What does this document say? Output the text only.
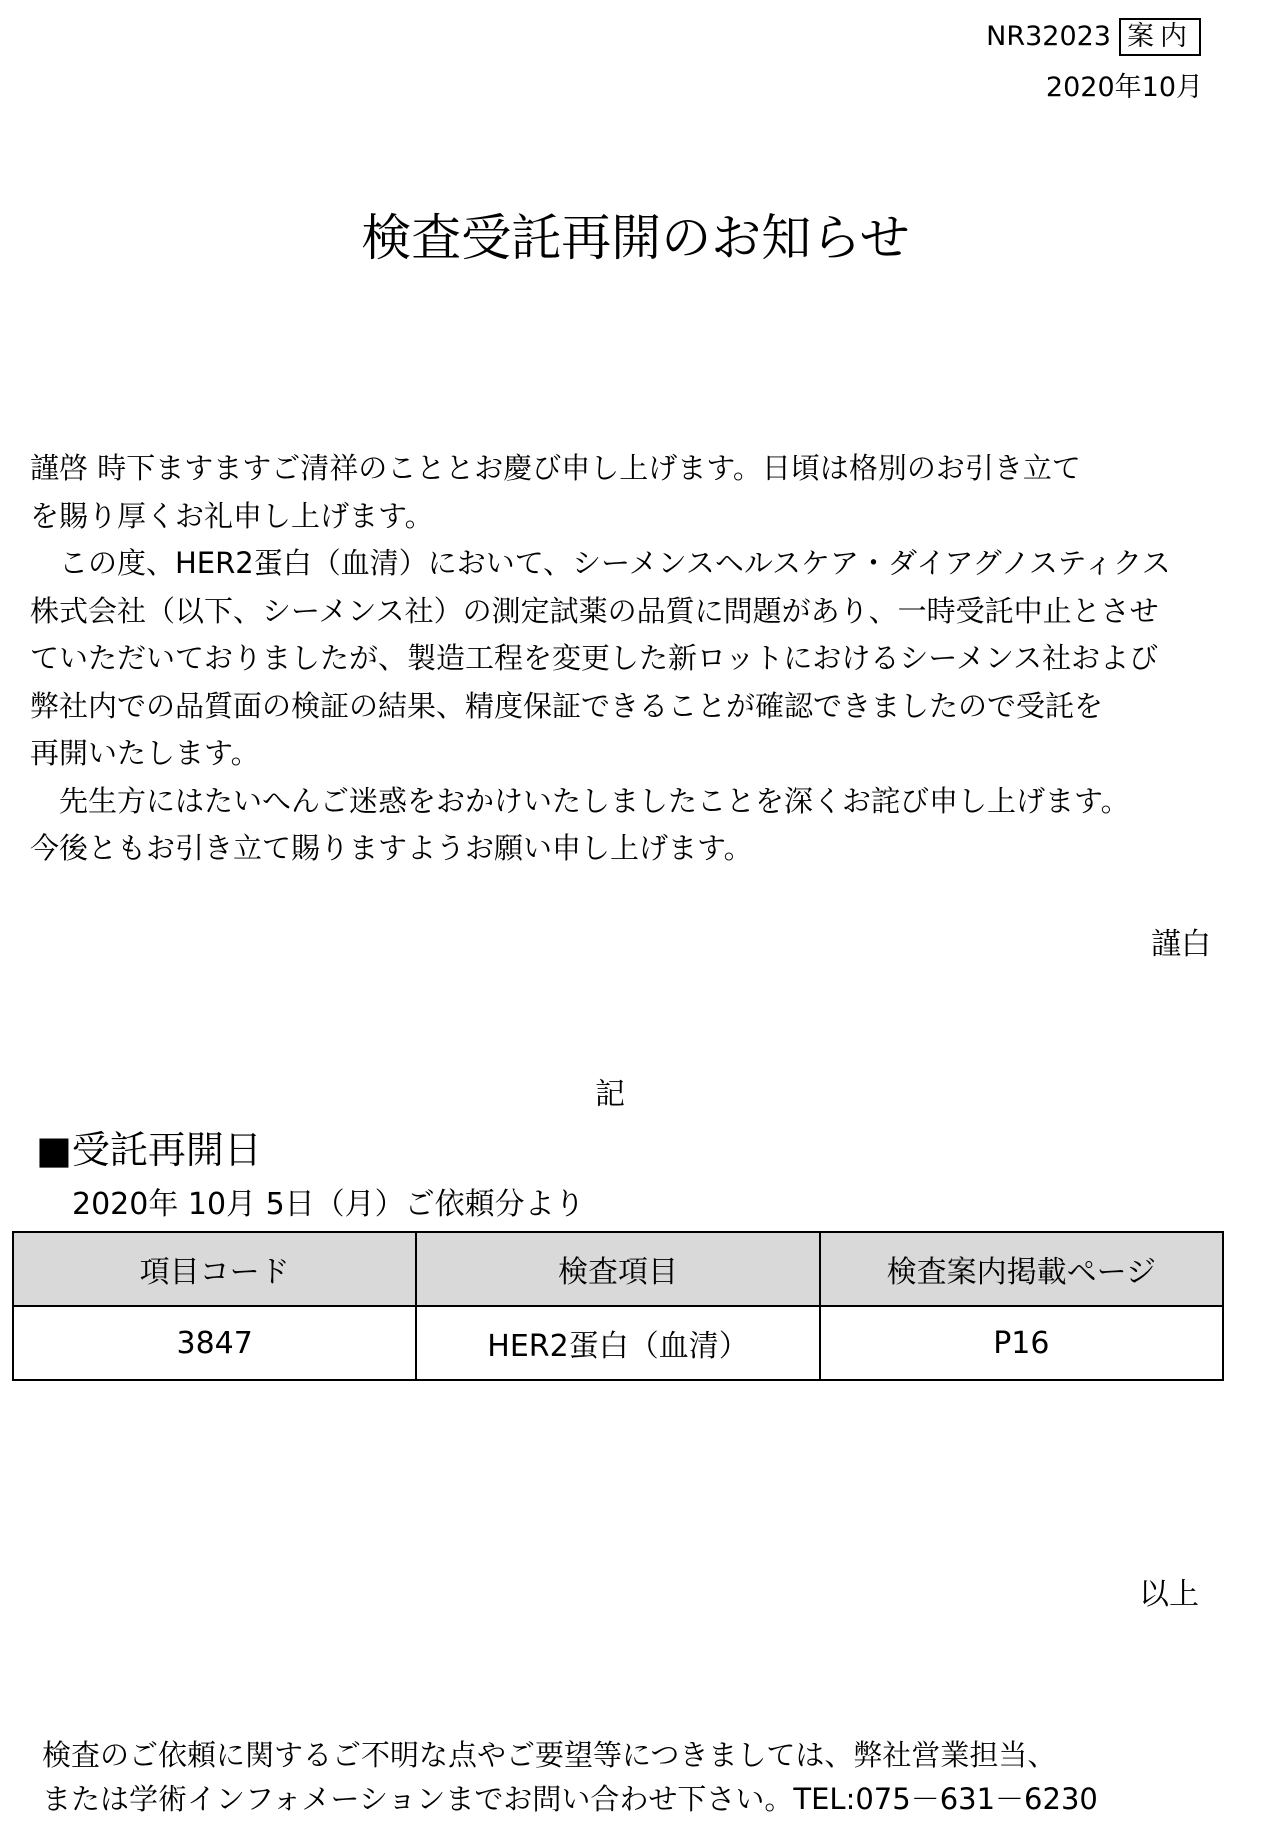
NR32023 案内
2020年10月
検査受託再開のお知らせ

謹啓 時下ますますご清祥のこととお慶び申し上げます。日頃は格別のお引き立て
を賜り厚くお礼申し上げます。

　この度、HER2蛋白（血清）において、シーメンスヘルスケア・ダイアグノスティクス
株式会社（以下、シーメンス社）の測定試薬の品質に問題があり、一時受託中止とさせ
ていただいておりましたが、製造工程を変更した新ロットにおけるシーメンス社および
弊社内での品質面の検証の結果、精度保証できることが確認できましたので受託を
再開いたします。

　先生方にはたいへんご迷惑をおかけいたしましたことを深くお詫び申し上げます。
今後ともお引き立て賜りますようお願い申し上げます。

謹白
記
■受託再開日
2020年 10月 5日（月）ご依頼分より
項目コード	検査項目	検査案内掲載ページ
3847	HER2蛋白（血清）	P16
以上
検査のご依頼に関するご不明な点やご要望等につきましては、弊社営業担当、
または学術インフォメーションまでお問い合わせ下さい。TEL:075－631－6230
